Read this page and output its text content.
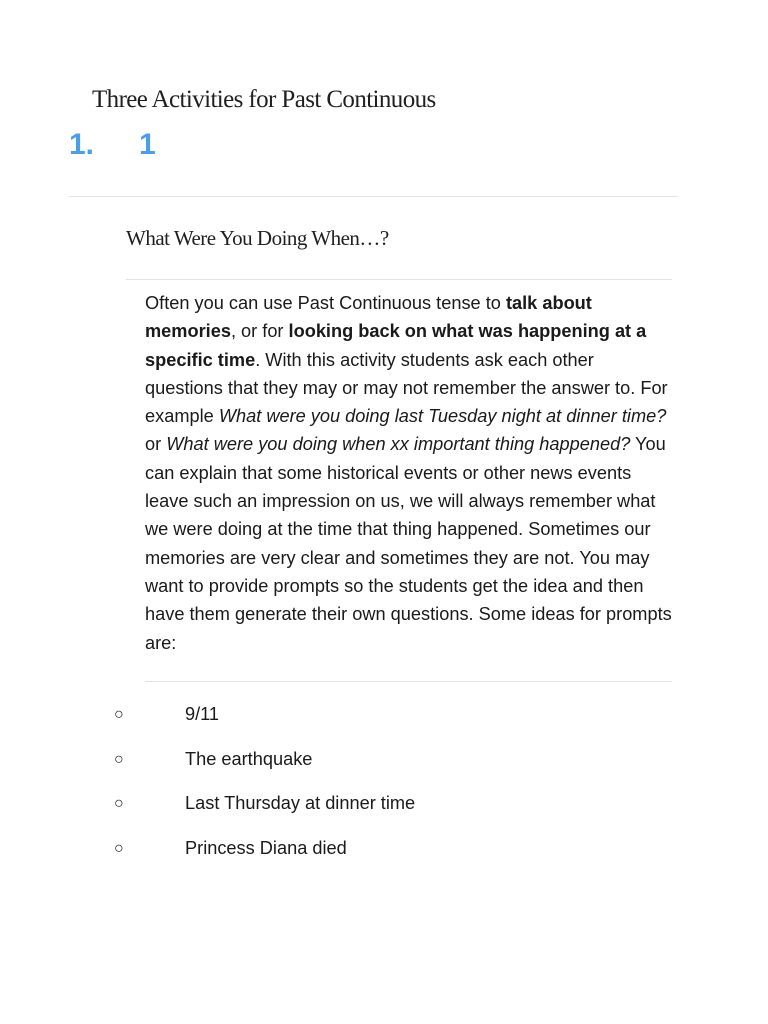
Three Activities for Past Continuous
1. 1
What Were You Doing When…?

Often you can use Past Continuous tense to talk about memories, or for looking back on what was happening at a specific time. With this activity students ask each other questions that they may or may not remember the answer to. For example What were you doing last Tuesday night at dinner time? or What were you doing when xx important thing happened? You can explain that some historical events or other news events leave such an impression on us, we will always remember what we were doing at the time that thing happened. Sometimes our memories are very clear and sometimes they are not. You may want to provide prompts so the students get the idea and then have them generate their own questions. Some ideas for prompts are:

○	9/11
○	The earthquake
○	Last Thursday at dinner time
○	Princess Diana died
